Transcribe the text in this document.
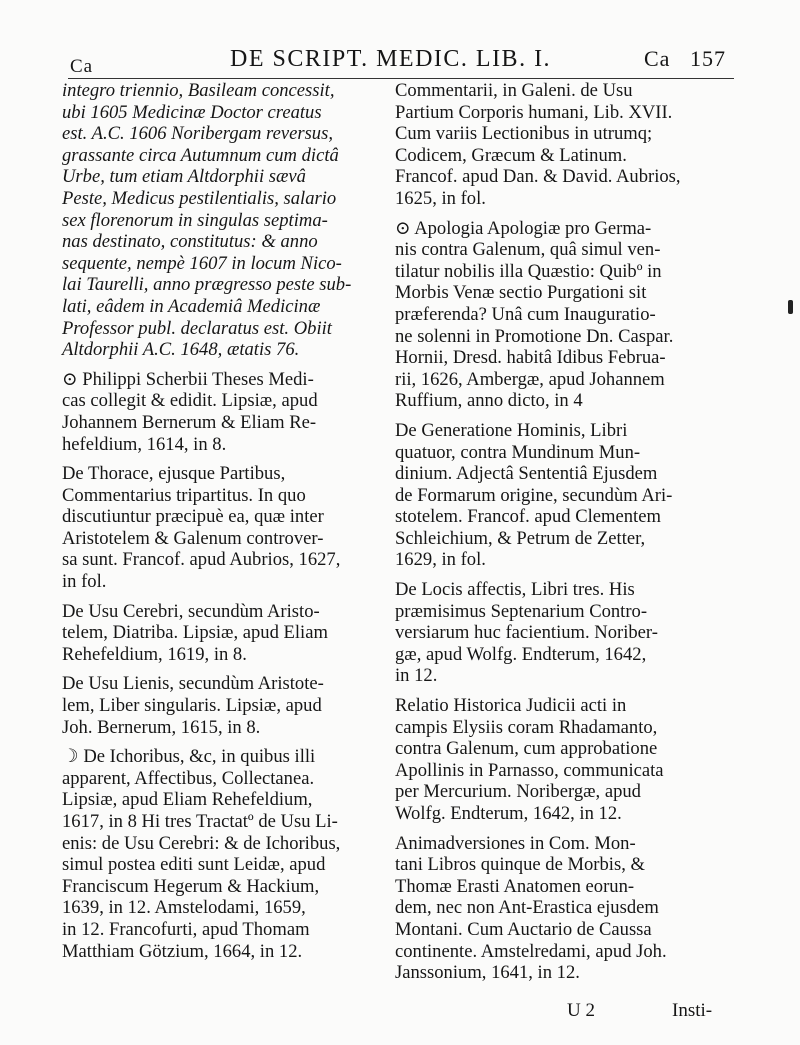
Ca	DE SCRIPT. MEDIC. LIB. I.	Ca 157
integro triennio, Basileam concessit,
ubi 1605 Medicinæ Doctor creatus
est. A.C. 1606 Noribergam reversus,
grassante circa Autumnum cum dictâ
Urbe, tum etiam Altdorphii sævâ
Peste, Medicus pestilentialis, salario
sex florenorum in singulas septima-
nas destinato, constitutus: & anno
sequente, nempè 1607 in locum Nico-
lai Taurelli, anno prægresso peste sub-
lati, eâdem in Academiâ Medicinæ
Professor publ. declaratus est. Obiit
Altdorphii A.C. 1648, ætatis 76.
⊙ Philippi Scherbii Theses Medi-
cas collegit & edidit. Lipsiæ, apud
Johannem Bernerum & Eliam Re-
hefeldium, 1614, in 8.
De Thorace, ejusque Partibus,
Commentarius tripartitus. In quo
discutiuntur præcipuè ea, quæ inter
Aristotelem & Galenum controver-
sa sunt. Francof. apud Aubrios, 1627,
in fol.
De Usu Cerebri, secundùm Aristo-
telem, Diatriba. Lipsiæ, apud Eliam
Rehefeldium, 1619, in 8.
De Usu Lienis, secundùm Aristote-
lem, Liber singularis. Lipsiæ, apud
Joh. Bernerum, 1615, in 8.
☽ De Ichoribus, &c, in quibus illi
apparent, Affectibus, Collectanea.
Lipsiæ, apud Eliam Rehefeldium,
1617, in 8 Hi tres Tractatº de Usu Li-
enis: de Usu Cerebri: & de Ichoribus,
simul postea editi sunt Leidæ, apud
Franciscum Hegerum & Hackium,
1639, in 12. Amstelodami, 1659,
in 12. Francofurti, apud Thomam
Matthiam Götzium, 1664, in 12.
Commentarii, in Galeni. de Usu
Partium Corporis humani, Lib. XVII.
Cum variis Lectionibus in utrumq;
Codicem, Græcum & Latinum.
Francof. apud Dan. & David. Aubrios,
1625, in fol.
⊙ Apologia Apologiæ pro Germa-
nis contra Galenum, quâ simul ven-
tilatur nobilis illa Quæstio: Quibº in
Morbis Venæ sectio Purgationi sit
præferenda? Unâ cum Inauguratio-
ne solenni in Promotione Dn. Caspar.
Hornii, Dresd. habitâ Idibus Februa-
rii, 1626, Ambergæ, apud Johannem
Ruffium, anno dicto, in 4
De Generatione Hominis, Libri
quatuor, contra Mundinum Mun-
dinium. Adjectâ Sententiâ Ejusdem
de Formarum origine, secundùm Ari-
stotelem. Francof. apud Clementem
Schleichium, & Petrum de Zetter,
1629, in fol.
De Locis affectis, Libri tres. His
præmisimus Septenarium Contro-
versiarum huc facientium. Noriber-
gæ, apud Wolfg. Endterum, 1642,
in 12.
Relatio Historica Judicii acti in
campis Elysiis coram Rhadamanto,
contra Galenum, cum approbatione
Apollinis in Parnasso, communicata
per Mercurium. Noribergæ, apud
Wolfg. Endterum, 1642, in 12.
Animadversiones in Com. Mon-
tani Libros quinque de Morbis, &
Thomæ Erasti Anatomen eorun-
dem, nec non Ant-Erastica ejusdem
Montani. Cum Auctario de Caussa
continente. Amstelredami, apud Joh.
Janssonium, 1641, in 12.
U 2	Insti-
